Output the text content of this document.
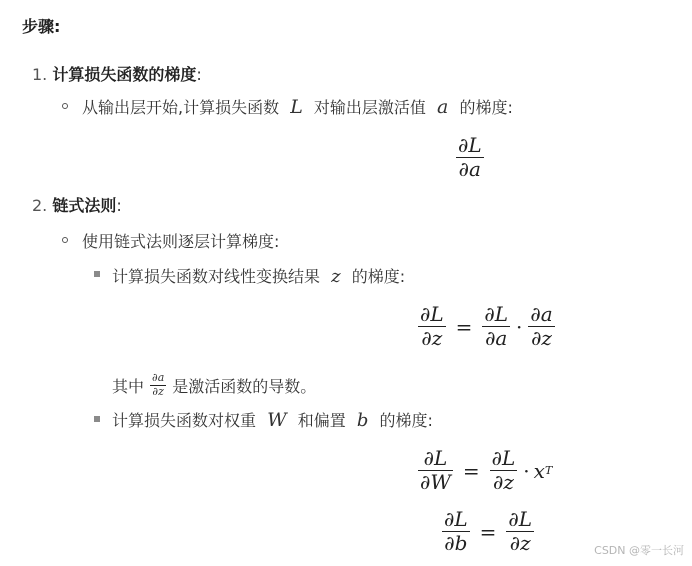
步骤:
1. 计算损失函数的梯度:
从输出层开始,计算损失函数 L 对输出层激活值 a 的梯度:
$\frac{\partial L}{\partial a}$
2. 链式法则:
使用链式法则逐层计算梯度:
计算损失函数对线性变换结果 z 的梯度:
$\frac{\partial L}{\partial z} = \frac{\partial L}{\partial a} \cdot \frac{\partial a}{\partial z}$
其中 $\frac{\partial a}{\partial z}$ 是激活函数的导数。
计算损失函数对权重 W 和偏置 b 的梯度:
$\frac{\partial L}{\partial W} = \frac{\partial L}{\partial z} \cdot x$ T
$\frac{\partial L}{\partial b} = \frac{\partial L}{\partial z}$	CSDN @零一长河
